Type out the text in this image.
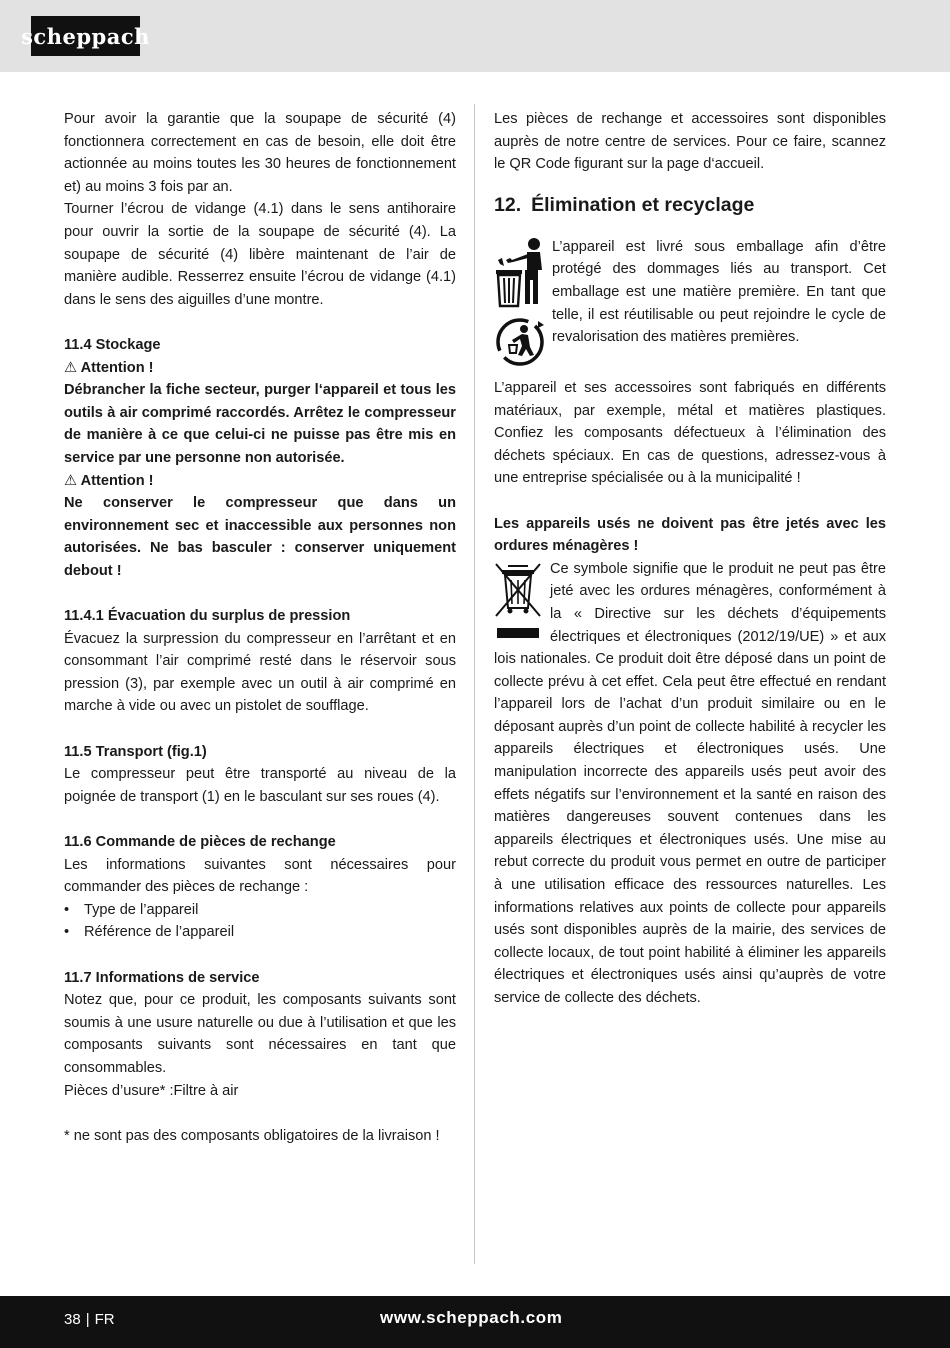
scheppach

Pour avoir la garantie que la soupape de sécurité (4) fonctionnera correctement en cas de besoin, elle doit être actionnée au moins toutes les 30 heures de fonctionnement et) au moins 3 fois par an.

Tourner l’écrou de vidange (4.1) dans le sens antihoraire pour ouvrir la sortie de la soupape de sécurité (4). La soupape de sécurité (4) libère maintenant de l’air de manière audible. Resserrez ensuite l’écrou de vidange (4.1) dans le sens des aiguilles d’une montre.

11.4 Stockage

⚠ Attention !

Débrancher la fiche secteur, purger l‘appareil et tous les outils à air comprimé raccordés. Arrêtez le compresseur de manière à ce que celui-ci ne puisse pas être mis en service par une personne non autorisée.

⚠ Attention !

Ne conserver le compresseur que dans un environnement sec et inaccessible aux personnes non autorisées. Ne bas basculer : conserver uniquement debout !

11.4.1 Évacuation du surplus de pression

Évacuez la surpression du compresseur en l’arrêtant et en consommant l’air comprimé resté dans le réservoir sous pression (3), par exemple avec un outil à air comprimé en marche à vide ou avec un pistolet de soufflage.

11.5 Transport (fig.1)

Le compresseur peut être transporté au niveau de la poignée de transport (1) en le basculant sur ses roues (4).

11.6 Commande de pièces de rechange

Les informations suivantes sont nécessaires pour commander des pièces de rechange :

•	Type de l’appareil
•	Référence de l’appareil

11.7 Informations de service

Notez que, pour ce produit, les composants suivants sont soumis à une usure naturelle ou due à l’utilisation et que les composants suivants sont nécessaires en tant que consommables.

Pièces d’usure* :Filtre à air

* ne sont pas des composants obligatoires de la livraison !

Les pièces de rechange et accessoires sont disponibles auprès de notre centre de services. Pour ce faire, scannez le QR Code figurant sur la page d‘accueil.

12. Élimination et recyclage

L’appareil est livré sous emballage afin d’être protégé des dommages liés au transport. Cet emballage est une matière première. En tant que telle, il est réutilisable ou peut rejoindre le cycle de revalorisation des matières premières.

L’appareil et ses accessoires sont fabriqués en différents matériaux, par exemple, métal et matières plastiques. Confiez les composants défectueux à l’élimination des déchets spéciaux. En cas de questions, adressez-vous à une entreprise spécialisée ou à la municipalité !

Les appareils usés ne doivent pas être jetés avec les ordures ménagères !

Ce symbole signifie que le produit ne peut pas être jeté avec les ordures ménagères, conformément à la « Directive sur les déchets d’équipements électriques et électroniques (2012/19/UE) » et aux lois nationales. Ce produit doit être déposé dans un point de collecte prévu à cet effet. Cela peut être effectué en rendant l’appareil lors de l’achat d’un produit similaire ou en le déposant auprès d’un point de collecte habilité à recycler les appareils électriques et électroniques usés. Une manipulation incorrecte des appareils usés peut avoir des effets négatifs sur l’environnement et la santé en raison des matières dangereuses souvent contenues dans les appareils électriques et électroniques usés. Une mise au rebut correcte du produit vous permet en outre de participer à une utilisation efficace des ressources naturelles. Les informations relatives aux points de collecte pour appareils usés sont disponibles auprès de la mairie, des services de collecte locaux, de tout point habilité à éliminer les appareils électriques et électroniques usés ainsi qu’auprès de votre service de collecte des déchets.

38 | FR	www.scheppach.com
